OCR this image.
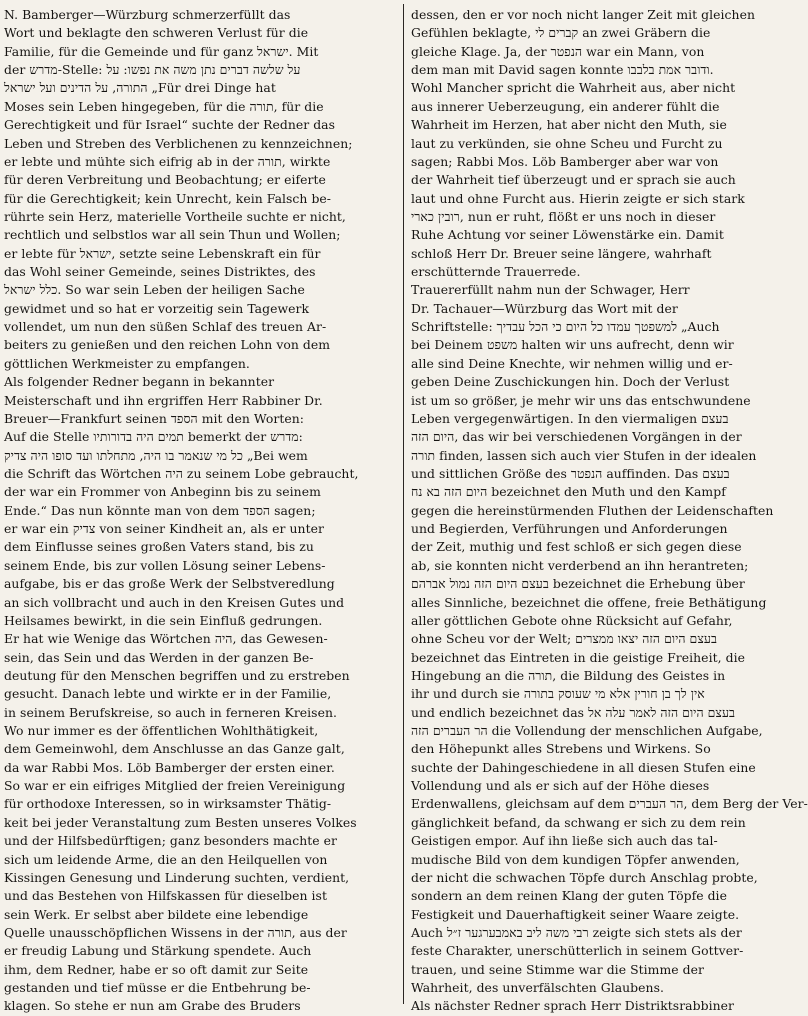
N. Bamberger—Würzburg schmerzerfüllt das
Wort und beklagte den schweren Verlust für die
Familie, für die Gemeinde und für ganz ישראל. Mit
der מדרש-Stelle: על שלשה דברים נתן משה את נפשו: על
התורה, על הדינים ועל ישראל „Für drei Dinge hat
Moses sein Leben hingegeben, für die תורה, für die
Gerechtigkeit und für Israel“ suchte der Redner das
Leben und Streben des Verblichenen zu kennzeichnen;
er lebte und mühte sich eifrig ab in der תורה, wirkte
für deren Verbreitung und Beobachtung; er eiferte
für die Gerechtigkeit; kein Unrecht, kein Falsch be-
rührte sein Herz, materielle Vortheile suchte er nicht,
rechtlich und selbstlos war all sein Thun und Wollen;
er lebte für ישראל, setzte seine Lebenskraft ein für
das Wohl seiner Gemeinde, seines Distriktes, des
כלל ישראל. So war sein Leben der heiligen Sache
gewidmet und so hat er vorzeitig sein Tagewerk
vollendet, um nun den süßen Schlaf des treuen Ar-
beiters zu genießen und den reichen Lohn von dem
göttlichen Werkmeister zu empfangen.
Als folgender Redner begann in bekannter
Meisterschaft und ihn ergriffen Herr Rabbiner Dr.
Breuer—Frankfurt seinen הספד mit den Worten:
Auf die Stelle תמים היה בדורותיו bemerkt der מדרש:
כל מי שנאמר בו היה, מתחלתו ועד סופו היה צדיק „Bei wem
die Schrift das Wörtchen היה zu seinem Lobe gebraucht,
der war ein Frommer von Anbeginn bis zu seinem
Ende.“ Das nun könnte man von dem הספד sagen;
er war ein צדיק von seiner Kindheit an, als er unter
dem Einflusse seines großen Vaters stand, bis zu
seinem Ende, bis zur vollen Lösung seiner Lebens-
aufgabe, bis er das große Werk der Selbstveredlung
an sich vollbracht und auch in den Kreisen Gutes und
Heilsames bewirkt, in die sein Einfluß gedrungen.
Er hat wie Wenige das Wörtchen היה, das Gewesen-
sein, das Sein und das Werden in der ganzen Be-
deutung für den Menschen begriffen und zu erstreben
gesucht. Danach lebte und wirkte er in der Familie,
in seinem Berufskreise, so auch in ferneren Kreisen.
Wo nur immer es der öffentlichen Wohlthätigkeit,
dem Gemeinwohl, dem Anschlusse an das Ganze galt,
da war Rabbi Mos. Löb Bamberger der ersten einer.
So war er ein eifriges Mitglied der freien Vereinigung
für orthodoxe Interessen, so in wirksamster Thätig-
keit bei jeder Veranstaltung zum Besten unseres Volkes
und der Hilfsbedürftigen; ganz besonders machte er
sich um leidende Arme, die an den Heilquellen von
Kissingen Genesung und Linderung suchten, verdient,
und das Bestehen von Hilfskassen für dieselben ist
sein Werk. Er selbst aber bildete eine lebendige
Quelle unausschöpflichen Wissens in der תורה, aus der
er freudig Labung und Stärkung spendete. Auch
ihm, dem Redner, habe er so oft damit zur Seite
gestanden und tief müsse er die Entbehrung be-
klagen. So stehe er nun am Grabe des Bruders
dessen, den er vor noch nicht langer Zeit mit gleichen
Gefühlen beklagte, קברים לי an zwei Gräbern die
gleiche Klage. Ja, der הנפטר war ein Mann, von
dem man mit David sagen konnte ודובר אמת בלבבו.
Wohl Mancher spricht die Wahrheit aus, aber nicht
aus innerer Ueberzeugung, ein anderer fühlt die
Wahrheit im Herzen, hat aber nicht den Muth, sie
laut zu verkünden, sie ohne Scheu und Furcht zu
sagen; Rabbi Mos. Löb Bamberger aber war von
der Wahrheit tief überzeugt und er sprach sie auch
laut und ohne Furcht aus. Hierin zeigte er sich stark
רובין כארי, nun er ruht, flößt er uns noch in dieser
Ruhe Achtung vor seiner Löwenstärke ein. Damit
schloß Herr Dr. Breuer seine längere, wahrhaft
erschütternde Trauerrede.
Trauererfüllt nahm nun der Schwager, Herr
Dr. Tachauer—Würzburg das Wort mit der
Schriftstelle: למשפטך עמדו כל היום כי הכל עבדיך „Auch
bei Deinem משפט halten wir uns aufrecht, denn wir
alle sind Deine Knechte, wir nehmen willig und er-
geben Deine Zuschickungen hin. Doch der Verlust
ist um so größer, je mehr wir uns das entschwundene
Leben vergegenwärtigen. In den viermaligen בעצם
היום הזה, das wir bei verschiedenen Vorgängen in der
תורה finden, lassen sich auch vier Stufen in der idealen
und sittlichen Größe des הנפטר auffinden. Das בעצם
היום הזה בא נח bezeichnet den Muth und den Kampf
gegen die hereinstürmenden Fluthen der Leidenschaften
und Begierden, Verführungen und Anforderungen
der Zeit, muthig und fest schloß er sich gegen diese
ab, sie konnten nicht verderbend an ihn herantreten;
בעצם היום הזה נמול אברהם bezeichnet die Erhebung über
alles Sinnliche, bezeichnet die offene, freie Bethätigung
aller göttlichen Gebote ohne Rücksicht auf Gefahr,
ohne Scheu vor der Welt; בעצם היום הזה יצאו ממצרים
bezeichnet das Eintreten in die geistige Freiheit, die
Hingebung an die תורה, die Bildung des Geistes in
ihr und durch sie אין לך בן חורין אלא מי שעוסק בתורה
und endlich bezeichnet das בעצם היום הזה לאמר עלה אל
הר העברים הזה die Vollendung der menschlichen Aufgabe,
den Höhepunkt alles Strebens und Wirkens. So
suchte der Dahingeschiedene in all diesen Stufen eine
Vollendung und als er sich auf der Höhe dieses
Erdenwallens, gleichsam auf dem הר העברים, dem Berg der Ver-
gänglichkeit befand, da schwang er sich zu dem rein
Geistigen empor. Auf ihn ließe sich auch das tal-
mudische Bild von dem kundigen Töpfer anwenden,
der nicht die schwachen Töpfe durch Anschlag probte,
sondern an dem reinen Klang der guten Töpfe die
Festigkeit und Dauerhaftigkeit seiner Waare zeigte.
Auch רבי משה ליב באמבערגער ז״ל zeigte sich stets als der
feste Charakter, unerschütterlich in seinem Gottver-
trauen, und seine Stimme war die Stimme der
Wahrheit, des unverfälschten Glaubens.
Als nächster Redner sprach Herr Distriktsrabbiner
